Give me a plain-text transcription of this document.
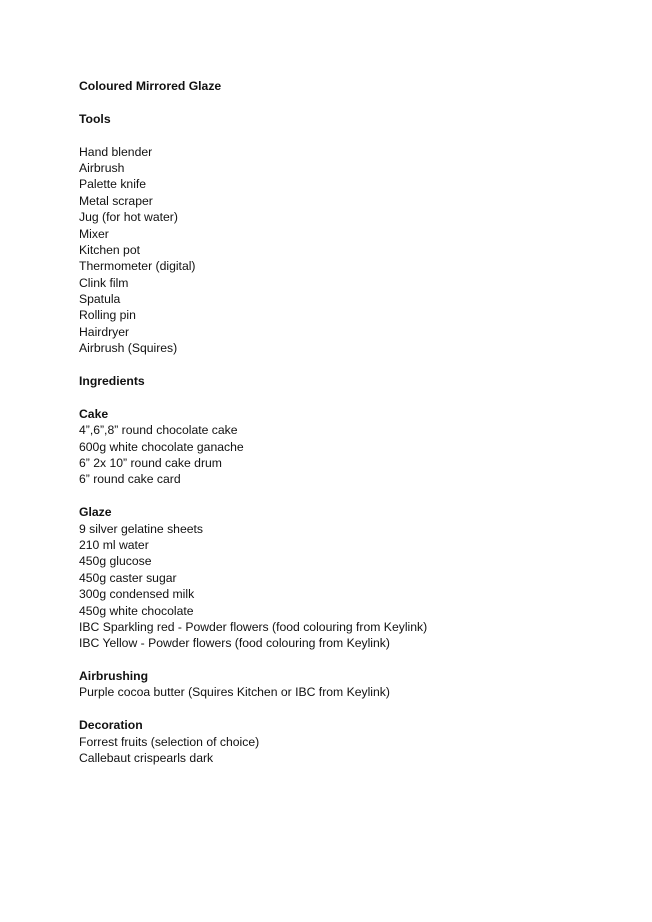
Coloured Mirrored Glaze
Tools
Hand blender
Airbrush
Palette knife
Metal scraper
Jug (for hot water)
Mixer
Kitchen pot
Thermometer (digital)
Clink film
Spatula
Rolling pin
Hairdryer
Airbrush (Squires)
Ingredients
Cake
4”,6”,8” round chocolate cake
600g white chocolate ganache
6” 2x 10” round cake drum
6” round cake card
Glaze
9 silver gelatine sheets
210 ml water
450g glucose
450g caster sugar
300g condensed milk
450g white chocolate
IBC Sparkling red - Powder flowers (food colouring from Keylink)
IBC Yellow - Powder flowers (food colouring from Keylink)
Airbrushing
Purple cocoa butter (Squires Kitchen or IBC from Keylink)
Decoration
Forrest fruits (selection of choice)
Callebaut crispearls dark
